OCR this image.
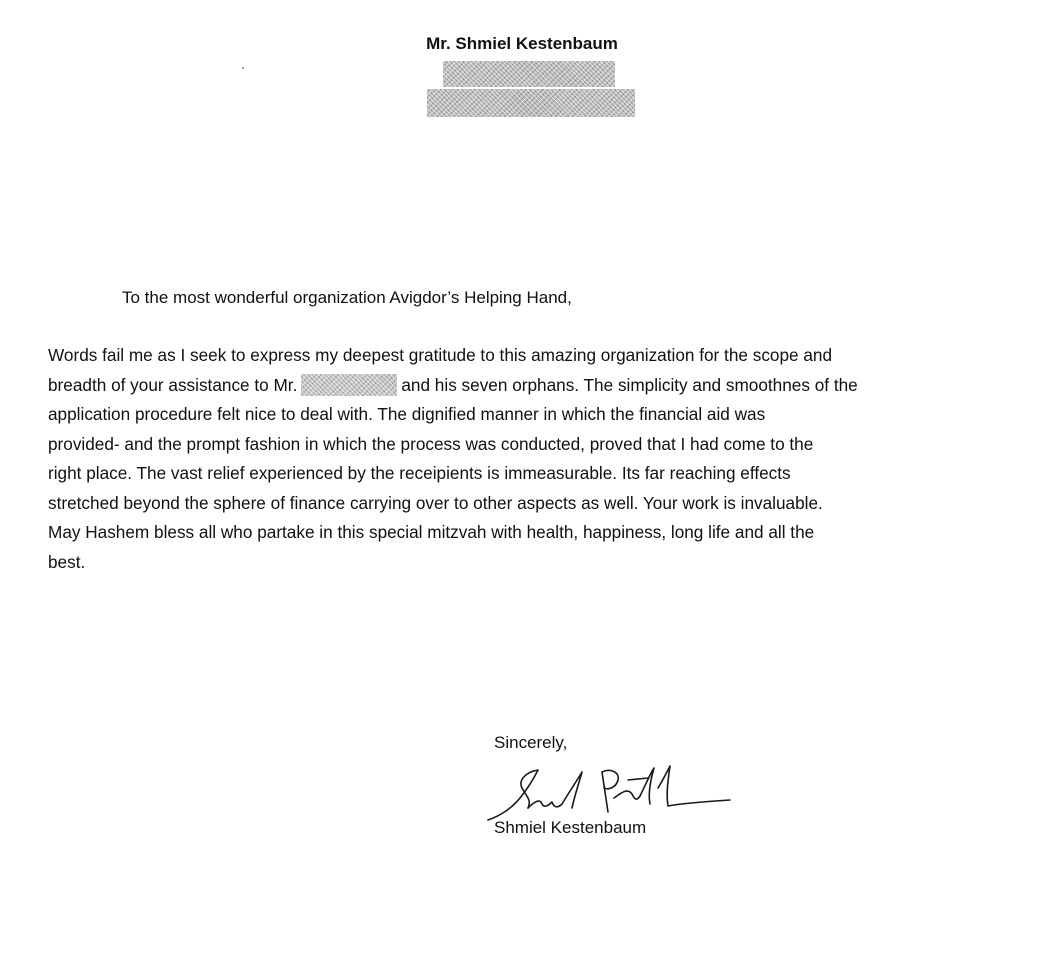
Mr. Shmiel Kestenbaum
To the most wonderful organization Avigdor’s Helping Hand,
Words fail me as I seek to express my deepest gratitude to this amazing organization for the scope and
breadth of your assistance to Mr.	and his seven orphans. The simplicity and smoothnes of the
application procedure felt nice to deal with. The dignified manner in which the financial aid was
provided- and the prompt fashion in which the process was conducted, proved that I had come to the
right place. The vast relief experienced by the receipients is immeasurable. Its far reaching effects
stretched beyond the sphere of finance carrying over to other aspects as well. Your work is invaluable.
May Hashem bless all who partake in this special mitzvah with health, happiness, long life and all the
best.
Sincerely,
Shmiel Kestenbaum
